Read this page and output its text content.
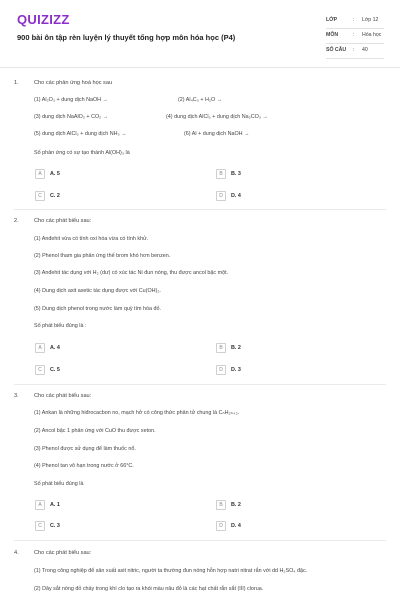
QUIZIZZ
900 bài ôn tập rèn luyện lý thuyết tổng hợp môn hóa học (P4)
LỚP	: Lớp 12
MÔN	: Hóa học
SỐ CÂU : 40
1.	Cho các phản ứng hoá học sau
(1) Al₂O₃ + dung dịch NaOH →	(2) Al₄C₃ + H₂O →
(3) dung dịch NaAlO₂ + CO₂ →	(4) dung dịch AlCl₃ + dung dịch Na₂CO₃ →
(5) dung dịch AlCl₃ + dung dịch NH₃ →	(6) Al + dung dịch NaOH →
Số phản ứng có sự tạo thành Al(OH)₃ là
A	A. 5	B	B. 3
C	C. 2	D	D. 4
2.	Cho các phát biểu sau:
(1) Anđehit vừa có tính oxi hóa vừa có tính khử.
(2) Phenol tham gia phản ứng thế brom khó hơn benzen.
(3) Anđehit tác dụng với H₂ (dư) có xúc tác Ni đun nóng, thu được ancol bậc một.
(4) Dung dịch axit axetic tác dụng được với Cu(OH)₂.
(5) Dung dịch phenol trong nước làm quỳ tím hóa đỏ.
Số phát biểu đúng là :
A	A. 4	B	B. 2
C	C. 5	D	D. 3
3.	Cho các phát biểu sau:
(1) Ankan là những hiđrocacbon no, mạch hở có công thức phân tử chung là CₙH₂ₙ₊₂.
(2) Ancol bậc 1 phản ứng với CuO thu được xeton.
(3) Phenol được sử dụng để làm thuốc nổ.
(4) Phenol tan vô hạn trong nước ở 66°C.
Số phát biểu đúng là
A	A. 1	B	B. 2
C	C. 3	D	D. 4
4.	Cho các phát biểu sau:
(1) Trong công nghiệp để sản xuất axit nitric, người ta thường đun nóng hỗn hợp natri nitrat rắn với dd H₂SO₄ đặc.
(2) Dây sắt nóng đỏ cháy trong khí clo tạo ra khói màu nâu đỏ là các hạt chất rắn sắt (III) clorua.
